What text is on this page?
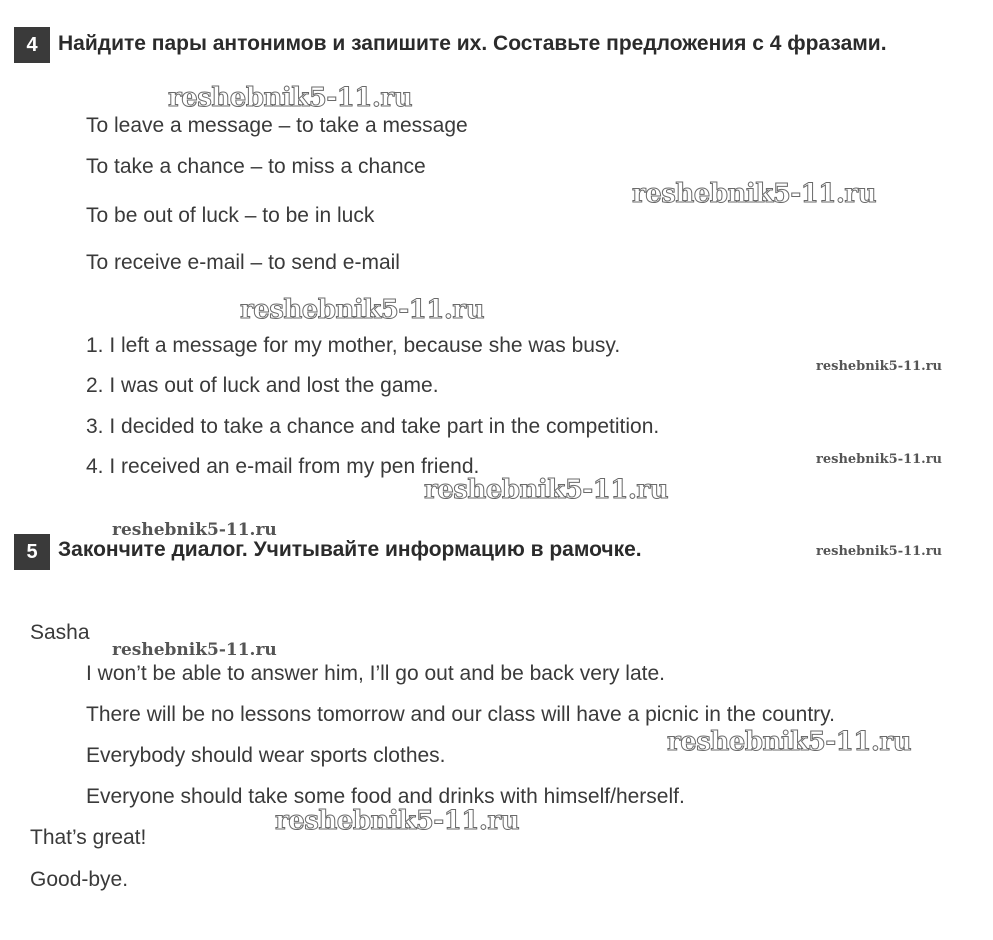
4 Найдите пары антонимов и запишите их. Составьте предложения с 4 фразами.

To leave a message – to take a message

To take a chance – to miss a chance

To be out of luck – to be in luck

To receive e-mail – to send e-mail

1. I left a message for my mother, because she was busy.

2. I was out of luck and lost the game.

3. I decided to take a chance and take part in the competition.

4. I received an e-mail from my pen friend.

5 Закончите диалог. Учитывайте информацию в рамочке.

Sasha

I won’t be able to answer him, I’ll go out and be back very late.

There will be no lessons tomorrow and our class will have a picnic in the country.

Everybody should wear sports clothes.

Everyone should take some food and drinks with himself/herself.

That’s great!

Good-bye.

reshebnik5-11.ru
reshebnik5-11.ru
reshebnik5-11.ru
reshebnik5-11.ru
reshebnik5-11.ru
reshebnik5-11.ru
reshebnik5-11.ru
reshebnik5-11.ru
reshebnik5-11.ru
reshebnik5-11.ru
reshebnik5-11.ru
